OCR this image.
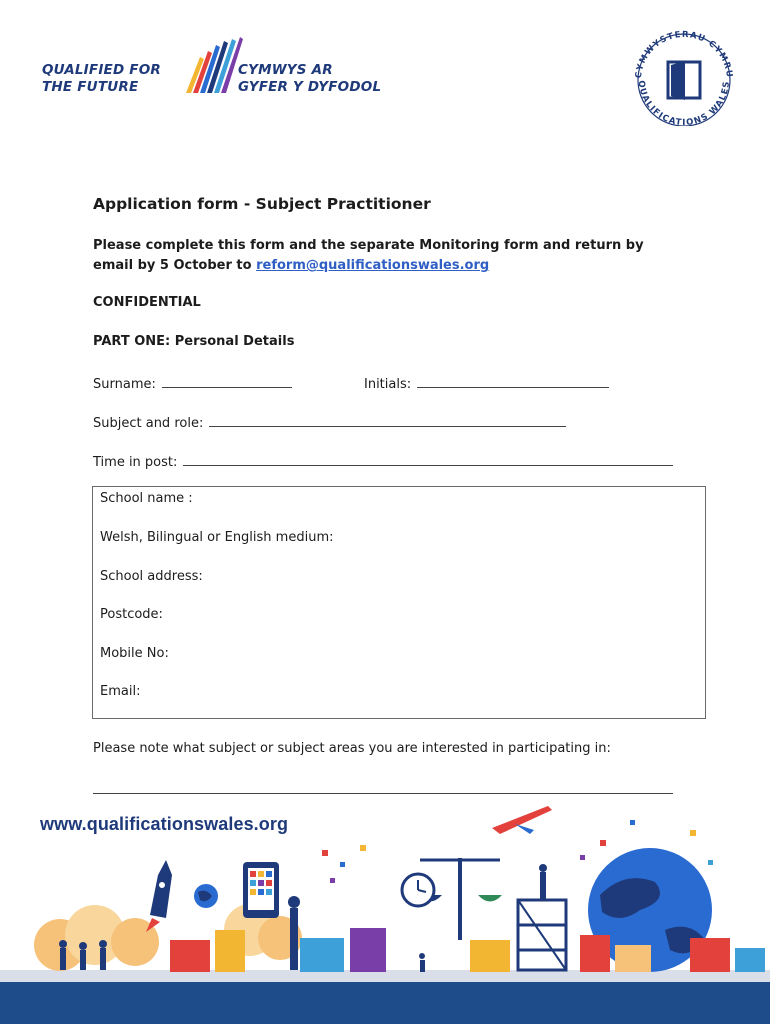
QUALIFIED FOR
THE FUTURE
CYMWYS AR
GYFER Y DYFODOL
CYMWYSTERAU CYMRU
QUALIFICATIONS WALES
Application form - Subject Practitioner
Please complete this form and the separate Monitoring form and return by email by 5 October to reform@qualificationswales.org
CONFIDENTIAL
PART ONE: Personal Details
Surname:	Initials:
Subject and role:
Time in post:
School name :
Welsh, Bilingual or English medium:
School address:
Postcode:
Mobile No:
Email:
Please note what subject or subject areas you are interested in participating in:
www.qualificationswales.org
